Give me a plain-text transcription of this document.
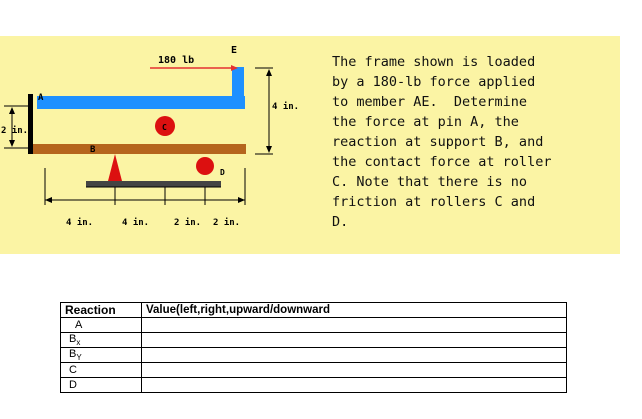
180 lb
E
A
C
B
D
4 in.
2 in.
4 in.	4 in.	2 in. 2 in.
The frame shown is loaded
by a 180-lb force applied
to member AE.  Determine
the force at pin A, the
reaction at support B, and
the contact force at roller
C. Note that there is no
friction at rollers C and
D.
Reaction	Value(left,right,upward/downward
A	
$B_x$	
$B_Y$	
C	
D	
